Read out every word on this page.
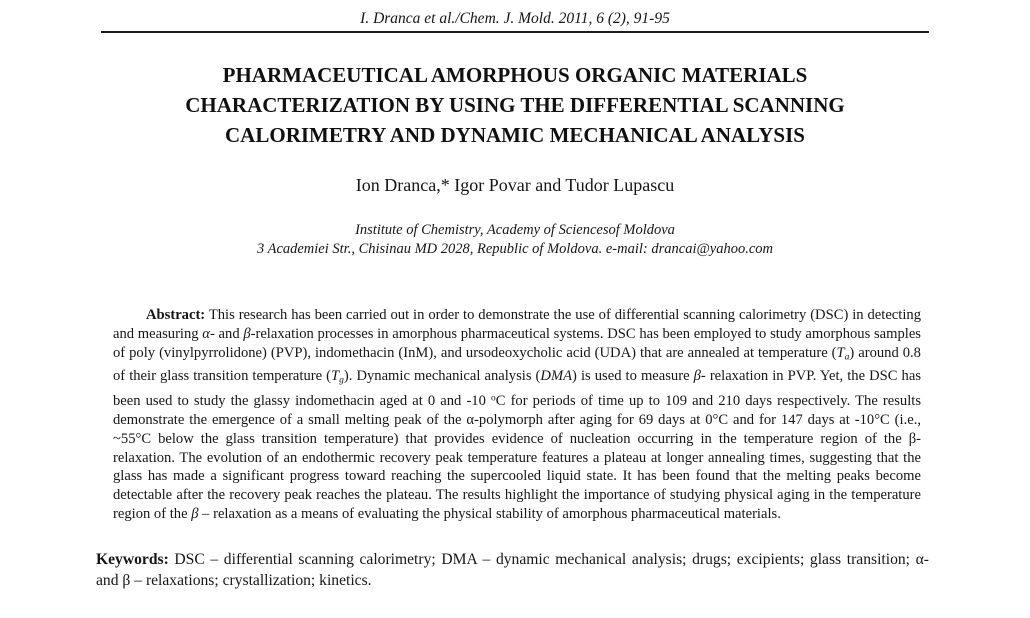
I. Dranca et al./Chem. J. Mold. 2011, 6 (2), 91-95
PHARMACEUTICAL AMORPHOUS ORGANIC MATERIALS
CHARACTERIZATION BY USING THE DIFFERENTIAL SCANNING
CALORIMETRY AND DYNAMIC MECHANICAL ANALYSIS
Ion Dranca,* Igor Povar and Tudor Lupascu
Institute of Chemistry, Academy of Sciencesof Moldova
3 Academiei Str., Chisinau MD 2028, Republic of Moldova. e-mail: drancai@yahoo.com

Abstract: This research has been carried out in order to demonstrate the use of differential scanning calorimetry (DSC) in detecting and measuring α- and β-relaxation processes in amorphous pharmaceutical systems. DSC has been employed to study amorphous samples of poly (vinylpyrrolidone) (PVP), indomethacin (InM), and ursodeoxycholic acid (UDA) that are annealed at temperature (Ta) around 0.8 of their glass transition temperature (Tg). Dynamic mechanical analysis (DMA) is used to measure β- relaxation in PVP. Yet, the DSC has been used to study the glassy indomethacin aged at 0 and -10 $^o$C for periods of time up to 109 and 210 days respectively. The results demonstrate the emergence of a small melting peak of the α-polymorph after aging for 69 days at 0°C and for 147 days at -10°C (i.e., ~55°C below the glass transition temperature) that provides evidence of nucleation occurring in the temperature region of the β-relaxation. The evolution of an endothermic recovery peak temperature features a plateau at longer annealing times, suggesting that the glass has made a significant progress toward reaching the supercooled liquid state. It has been found that the melting peaks become detectable after the recovery peak reaches the plateau. The results highlight the importance of studying physical aging in the temperature region of the β – relaxation as a means of evaluating the physical stability of amorphous pharmaceutical materials.

Keywords: DSC – differential scanning calorimetry; DMA – dynamic mechanical analysis; drugs; excipients; glass transition; α- and β – relaxations; crystallization; kinetics.
